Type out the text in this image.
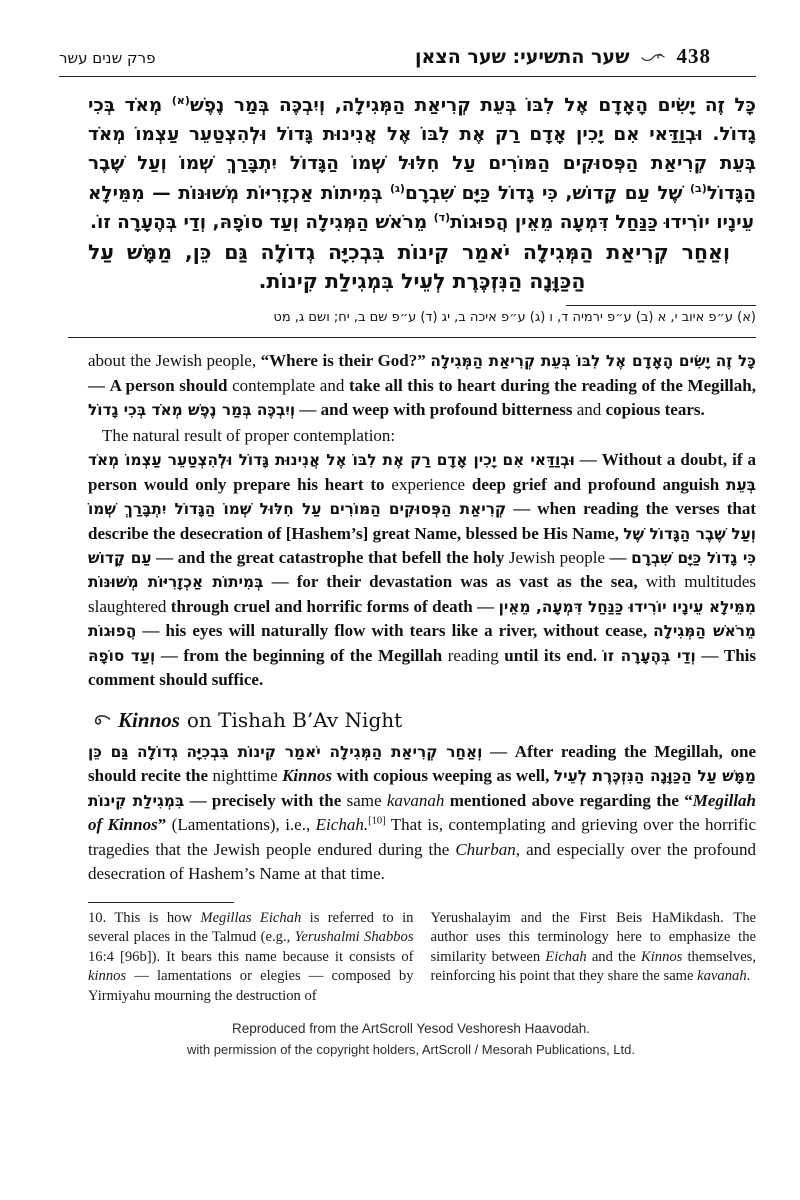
פרק שנים עשר	שער התשיעי: שער הצאן 438

כָּל זֶה יָשִׂים הָאָדָם אֶל לִבּוֹ בְּעֵת קְרִיאַת הַמְּגִילָה, וְיִבְכֶּה בְּמַר נֶפֶשׁ$^{(א)}$ מְאֹד בְּכִי גָדוֹל. וּבְוַדַּאי אִם יָכִין אָדָם רַק אֶת לִבּוֹ אֶל אֲנִינוּת גָּדוֹל וּלְהִצְטַעֵר עַצְמוֹ מְאֹד בְּעֵת קְרִיאַת הַפְּסוּקִים הַמּוֹרִים עַל חִלּוּל שְׁמוֹ הַגָּדוֹל יִתְבָּרַךְ שְׁמוֹ וְעַל שֶׁבֶר הַגָּדוֹל$^{(ב)}$ שֶׁל עַם קָדוֹשׁ, כִּי גָדוֹל כַּיָּם שִׁבְרָם$^{(ג)}$ בְּמִיתוֹת אַכְזָרִיּוֹת מְשׁוּנּוֹת — מִמֵּילָא עֵינָיו יוֹרִידוּ כַּנַּחַל דִּמְעָה מֵאֵין הֲפוּגוֹת$^{(ד)}$ מֵרֹאשׁ הַמְּגִילָה וְעַד סוֹפָהּ, וְדַי בְּהֶעָרָה זוֹ.

וְאַחַר קְרִיאַת הַמְּגִילָה יֹאמַר קִינוֹת בִּבְכִיָּה גְדוֹלָה גַּם כֵּן, מַמָּשׁ עַל הַכַּוָּנָה הַנִּזְכֶּרֶת לְעֵיל בִּמְגִילַת קִינוֹת.

(א) ע״פ איוב י, א (ב) ע״פ ירמיה ד, ו (ג) ע״פ איכה ב, יג (ד) ע״פ שם ב, יח; ושם ג, מט

about the Jewish people, “Where is their God?” כָּל זֶה יָשִׂים הָאָדָם אֶל לִבּוֹ בְּעֵת קְרִיאַת הַמְּגִילָה — A person should contemplate and take all this to heart during the reading of the Megillah, וְיִבְכֶּה בְּמַר נֶפֶשׁ מְאֹד בְּכִי גָדוֹל — and weep with profound bitterness and copious tears.

The natural result of proper contemplation:

וּבְוַדַּאי אִם יָכִין אָדָם רַק אֶת לִבּוֹ אֶל אֲנִינוּת גָּדוֹל וּלְהִצְטַעֵר עַצְמוֹ מְאֹד — Without a doubt, if a person would only prepare his heart to experience deep grief and profound anguish בְּעֵת קְרִיאַת הַפְּסוּקִים הַמּוֹרִים עַל חִלּוּל שְׁמוֹ הַגָּדוֹל יִתְבָּרַךְ שְׁמוֹ — when reading the verses that describe the desecration of [Hashem’s] great Name, blessed be His Name, וְעַל שֶׁבֶר הַגָּדוֹל שֶׁל עַם קָדוֹשׁ — and the great catastrophe that befell the holy Jewish people — כִּי גָדוֹל כַּיָּם שִׁבְרָם בְּמִיתוֹת אַכְזָרִיּוֹת מְשׁוּנּוֹת — for their devastation was as vast as the sea, with multitudes slaughtered through cruel and horrific forms of death — מִמֵּילָא עֵינָיו יוֹרִידוּ כַּנַּחַל דִּמְעָה, מֵאֵין הֲפוּגוֹת — his eyes will naturally flow with tears like a river, without cease, מֵרֹאשׁ הַמְּגִילָה וְעַד סוֹפָהּ — from the beginning of the Megillah reading until its end. וְדַי בְּהֶעָרָה זוֹ — This comment should suffice.

Kinnos on Tishah B’Av Night

וְאַחַר קְרִיאַת הַמְּגִילָה יֹאמַר קִינוֹת בִּבְכִיָּה גְדוֹלָה גַּם כֵּן — After reading the Megillah, one should recite the nighttime Kinnos with copious weeping as well, מַמָּשׁ עַל הַכַּוָּנָה הַנִּזְכֶּרֶת לְעֵיל בִּמְגִילַת קִינוֹת — precisely with the same kavanah mentioned above regarding the “Megillah of Kinnos” (Lamentations), i.e., Eichah.[10] That is, contemplating and grieving over the horrific tragedies that the Jewish people endured during the Churban, and especially over the profound desecration of Hashem’s Name at that time.

10. This is how Megillas Eichah is referred to in several places in the Talmud (e.g., Yerushalmi Shabbos 16:4 [96b]). It bears this name because it consists of kinnos — lamentations or elegies — composed by Yirmiyahu mourning the destruction of

Yerushalayim and the First Beis HaMikdash. The author uses this terminology here to emphasize the similarity between Eichah and the Kinnos themselves, reinforcing his point that they share the same kavanah.

Reproduced from the ArtScroll Yesod Veshoresh Haavodah.

with permission of the copyright holders, ArtScroll / Mesorah Publications, Ltd.
